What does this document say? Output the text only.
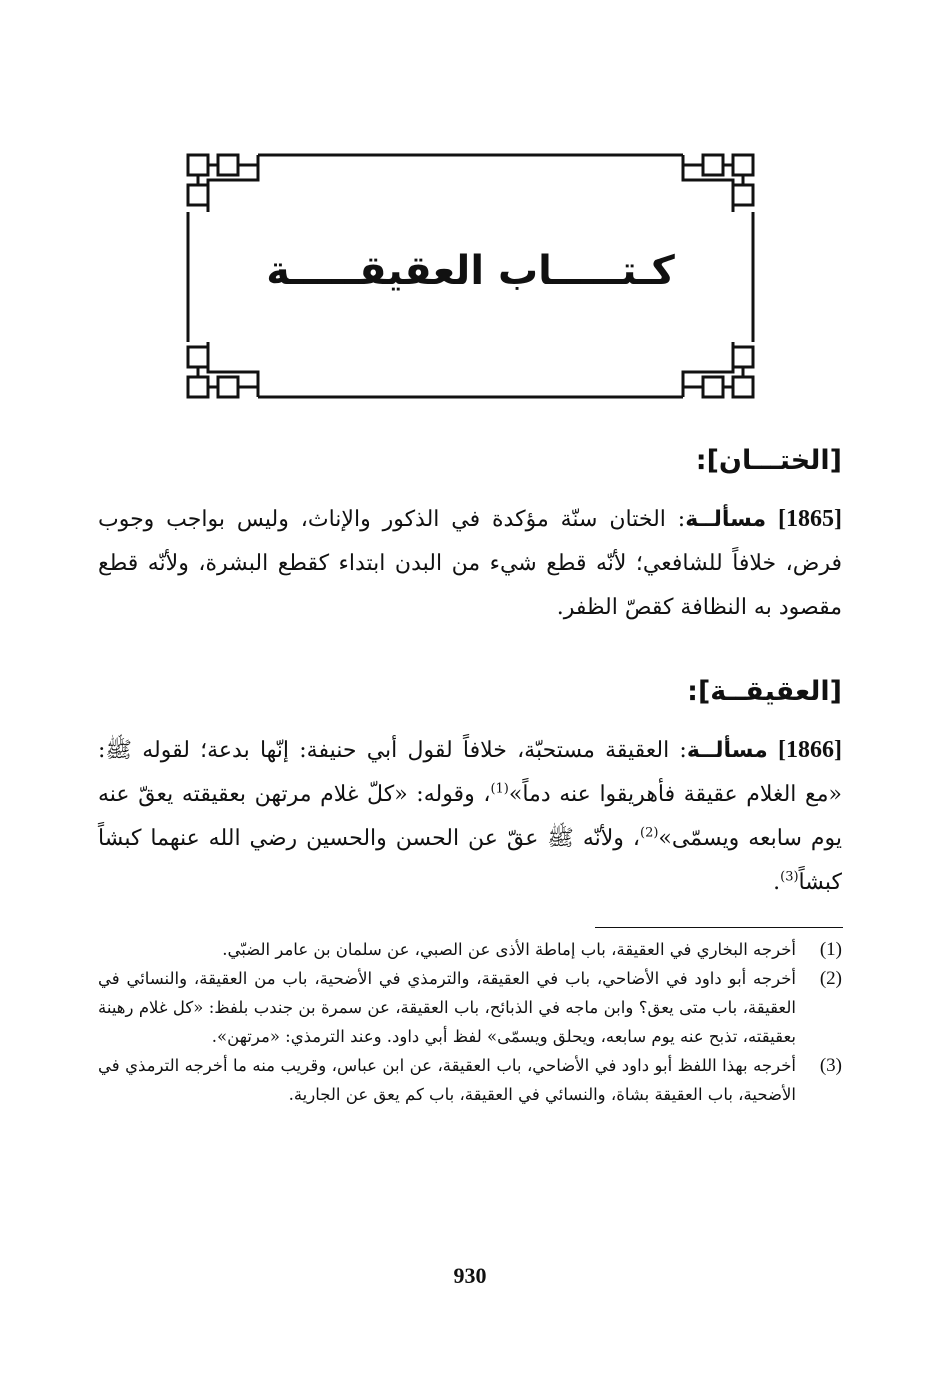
كـتـــــاب العقيقـــــة
[الختـــان]:
[1865] مسألــة: الختان سنّة مؤكدة في الذكور والإناث، وليس بواجب وجوب فرض، خلافاً للشافعي؛ لأنّه قطع شيء من البدن ابتداء كقطع البشرة، ولأنّه قطع مقصود به النظافة كقصّ الظفر.
[العقيقــة]:
[1866] مسألــة: العقيقة مستحبّة، خلافاً لقول أبي حنيفة: إنّها بدعة؛ لقوله ﷺ: «مع الغلام عقيقة فأهريقوا عنه دماً»$^{(1)}$، وقوله: «كلّ غلام مرتهن بعقيقته يعقّ عنه يوم سابعه ويسمّى»$^{(2)}$، ولأنّه ﷺ عقّ عن الحسن والحسين رضي الله عنهما كبشاً كبشاً$^{(3)}$.
(1)
أخرجه البخاري في العقيقة، باب إماطة الأذى عن الصبي، عن سلمان بن عامر الضبّي.
(2)
أخرجه أبو داود في الأضاحي، باب في العقيقة، والترمذي في الأضحية، باب من العقيقة، والنسائي في العقيقة، باب متى يعق؟ وابن ماجه في الذبائح، باب العقيقة، عن سمرة بن جندب بلفظ: «كل غلام رهينة بعقيقته، تذبح عنه يوم سابعه، ويحلق ويسمّى» لفظ أبي داود. وعند الترمذي: «مرتهن».
(3)
أخرجه بهذا اللفظ أبو داود في الأضاحي، باب العقيقة، عن ابن عباس، وقريب منه ما أخرجه الترمذي في الأضحية، باب العقيقة بشاة، والنسائي في العقيقة، باب كم يعق عن الجارية.
930
